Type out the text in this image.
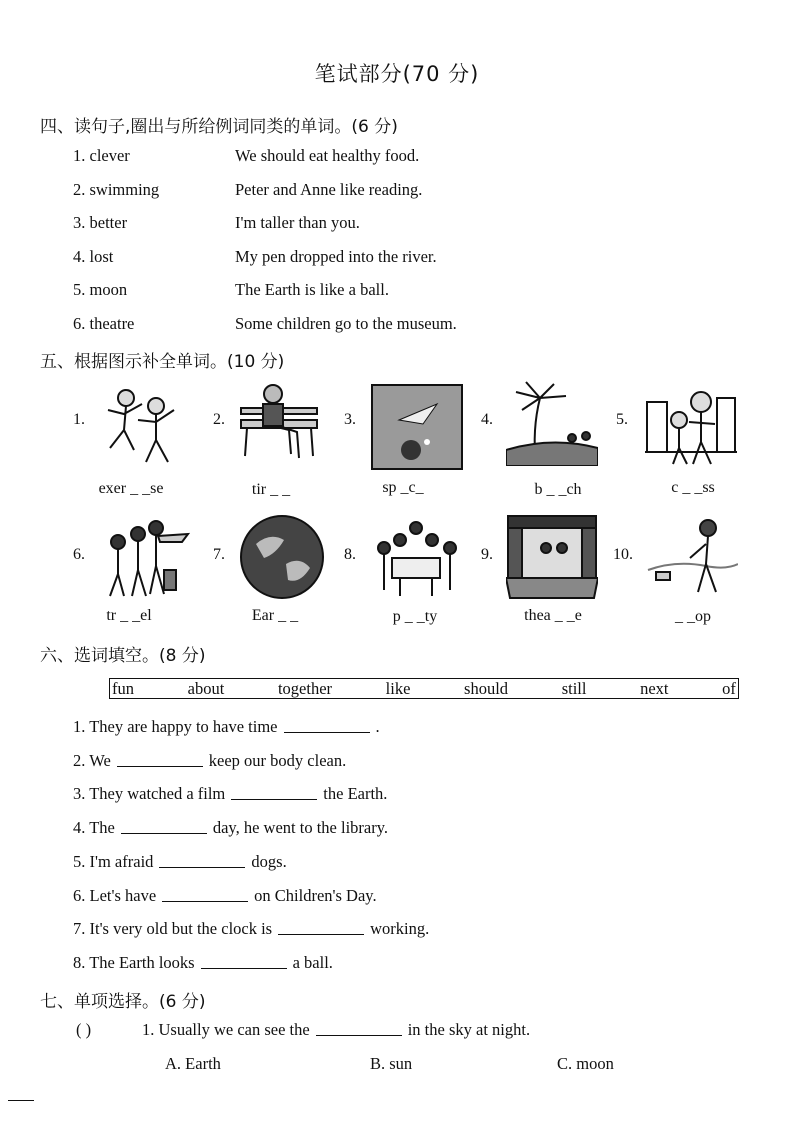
笔试部分(70 分)
四、读句子,圈出与所给例词同类的单词。(6 分)
1. clever	We should eat healthy food.
2. swimming	Peter and Anne like reading.
3. better	I'm taller than you.
4. lost	My pen dropped into the river.
5. moon	The Earth is like a ball.
6. theatre	Some children go to the museum.
五、根据图示补全单词。(10 分)
1.	2.	3.	4.	5.
exer _ _se	tir _ _	sp _c_	b _ _ch	c _ _ss
6.	7.	8.	9.	10.
tr _ _el	Ear _ _	p _ _ty	thea _ _e	_ _op
六、选词填空。(8 分)
fun	about	together	like	should	still	next	of
1. They are happy to have time	.
2. We	keep our body clean.
3. They watched a film	the Earth.
4. The	day, he went to the library.
5. I'm afraid	dogs.
6. Let's have	on Children's Day.
7. It's very old but the clock is	working.
8. The Earth looks	a ball.
七、单项选择。(6 分)
( )	1. Usually we can see the	in the sky at night.
A. Earth	B. sun	C. moon
